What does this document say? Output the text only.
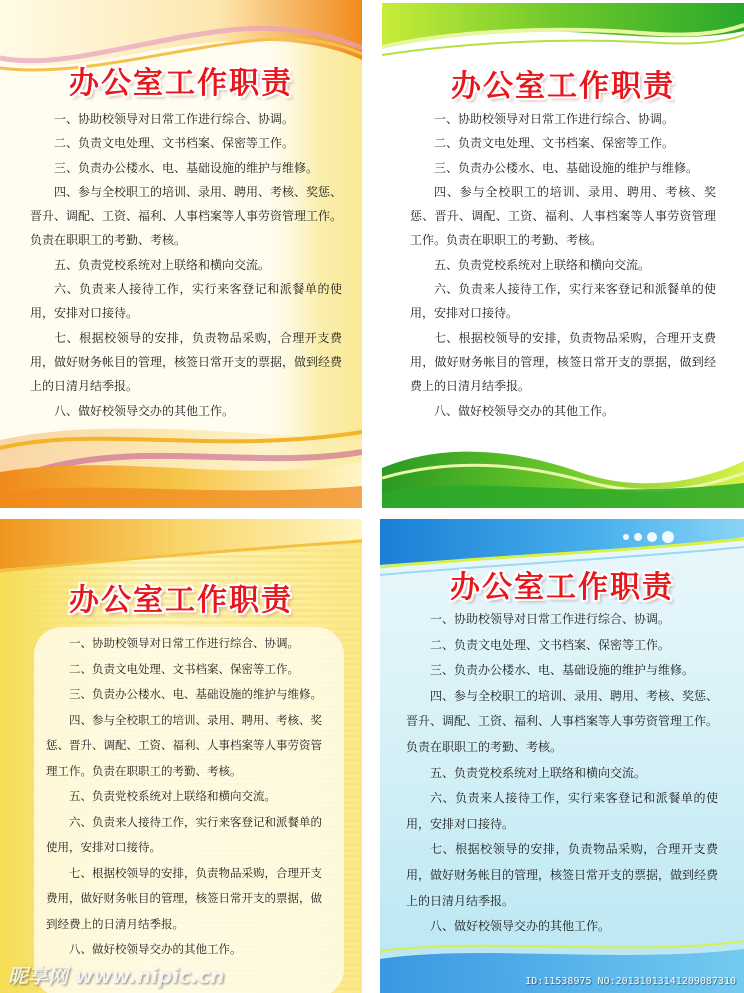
办公室工作职责

一、协助校领导对日常工作进行综合、协调。

二、负责文电处理、文书档案、保密等工作。

三、负责办公楼水、电、基础设施的维护与维修。

四、参与全校职工的培训、录用、聘用、考核、奖惩、晋升、调配、工资、福利、人事档案等人事劳资管理工作。负责在职职工的考勤、考核。

五、负责党校系统对上联络和横向交流。

六、负责来人接待工作，实行来客登记和派餐单的使用，安排对口接待。

七、根据校领导的安排，负责物品采购，合理开支费用，做好财务帐目的管理，核签日常开支的票据，做到经费上的日清月结季报。

八、做好校领导交办的其他工作。

办公室工作职责

一、协助校领导对日常工作进行综合、协调。

二、负责文电处理、文书档案、保密等工作。

三、负责办公楼水、电、基础设施的维护与维修。

四、参与全校职工的培训、录用、聘用、考核、奖惩、晋升、调配、工资、福利、人事档案等人事劳资管理工作。负责在职职工的考勤、考核。

五、负责党校系统对上联络和横向交流。

六、负责来人接待工作，实行来客登记和派餐单的使用，安排对口接待。

七、根据校领导的安排，负责物品采购，合理开支费用，做好财务帐目的管理，核签日常开支的票据，做到经费上的日清月结季报。

八、做好校领导交办的其他工作。

办公室工作职责

一、协助校领导对日常工作进行综合、协调。

二、负责文电处理、文书档案、保密等工作。

三、负责办公楼水、电、基础设施的维护与维修。

四、参与全校职工的培训、录用、聘用、考核、奖惩、晋升、调配、工资、福利、人事档案等人事劳资管理工作。负责在职职工的考勤、考核。

五、负责党校系统对上联络和横向交流。

六、负责来人接待工作，实行来客登记和派餐单的使用，安排对口接待。

七、根据校领导的安排，负责物品采购，合理开支费用，做好财务帐目的管理，核签日常开支的票据，做到经费上的日清月结季报。

八、做好校领导交办的其他工作。

办公室工作职责

一、协助校领导对日常工作进行综合、协调。

二、负责文电处理、文书档案、保密等工作。

三、负责办公楼水、电、基础设施的维护与维修。

四、参与全校职工的培训、录用、聘用、考核、奖惩、晋升、调配、工资、福利、人事档案等人事劳资管理工作。负责在职职工的考勤、考核。

五、负责党校系统对上联络和横向交流。

六、负责来人接待工作，实行来客登记和派餐单的使用，安排对口接待。

七、根据校领导的安排，负责物品采购，合理开支费用，做好财务帐目的管理，核签日常开支的票据，做到经费上的日清月结季报。

八、做好校领导交办的其他工作。

昵享网 www.nipic.cn	ID:11538975 NO:20131013141209087310
